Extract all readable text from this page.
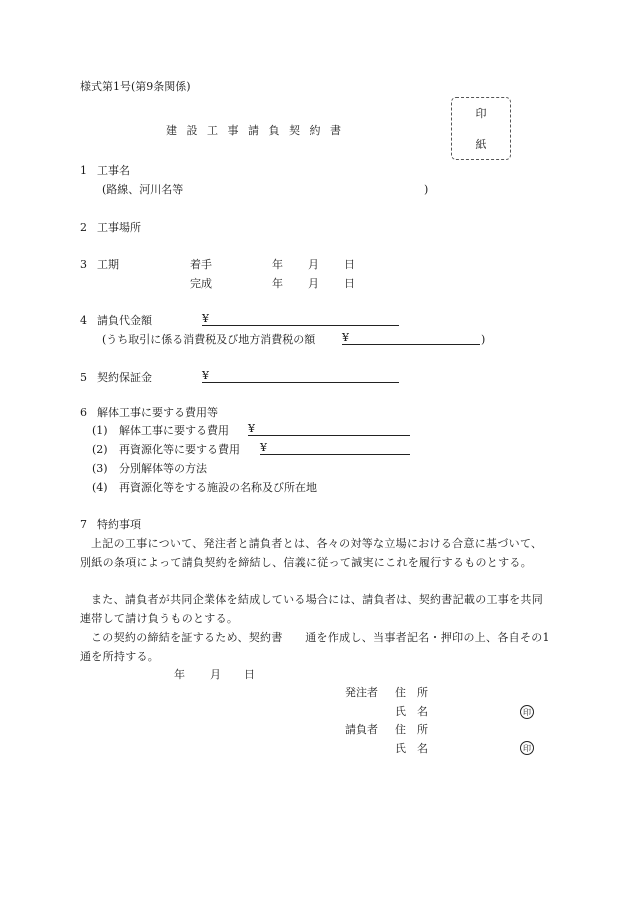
様式第1号(第9条関係)
建設工事請負契約書
印
紙
1 工事名
(路線、河川名等	)
2 工事場所
3 工期	着手	年 月 日
完成	年 月 日
4 請負代金額	¥
(うち取引に係る消費税及び地方消費税の額 ¥	)
5 契約保証金	¥
6 解体工事に要する費用等
(1) 解体工事に要する費用 ¥
(2) 再資源化等に要する費用 ¥
(3) 分別解体等の方法
(4) 再資源化等をする施設の名称及び所在地
7 特約事項
上記の工事について、発注者と請負者とは、各々の対等な立場における合意に基づいて、別紙の条項によって請負契約を締結し、信義に従って誠実にこれを履行するものとする。
また、請負者が共同企業体を結成している場合には、請負者は、契約書記載の工事を共同連帯して請け負うものとする。
この契約の締結を証するため、契約書　　通を作成し、当事者記名・押印の上、各自その1通を所持する。
年 月 日
発注者 住　所
氏　名	印
請負者 住　所
氏　名	印
